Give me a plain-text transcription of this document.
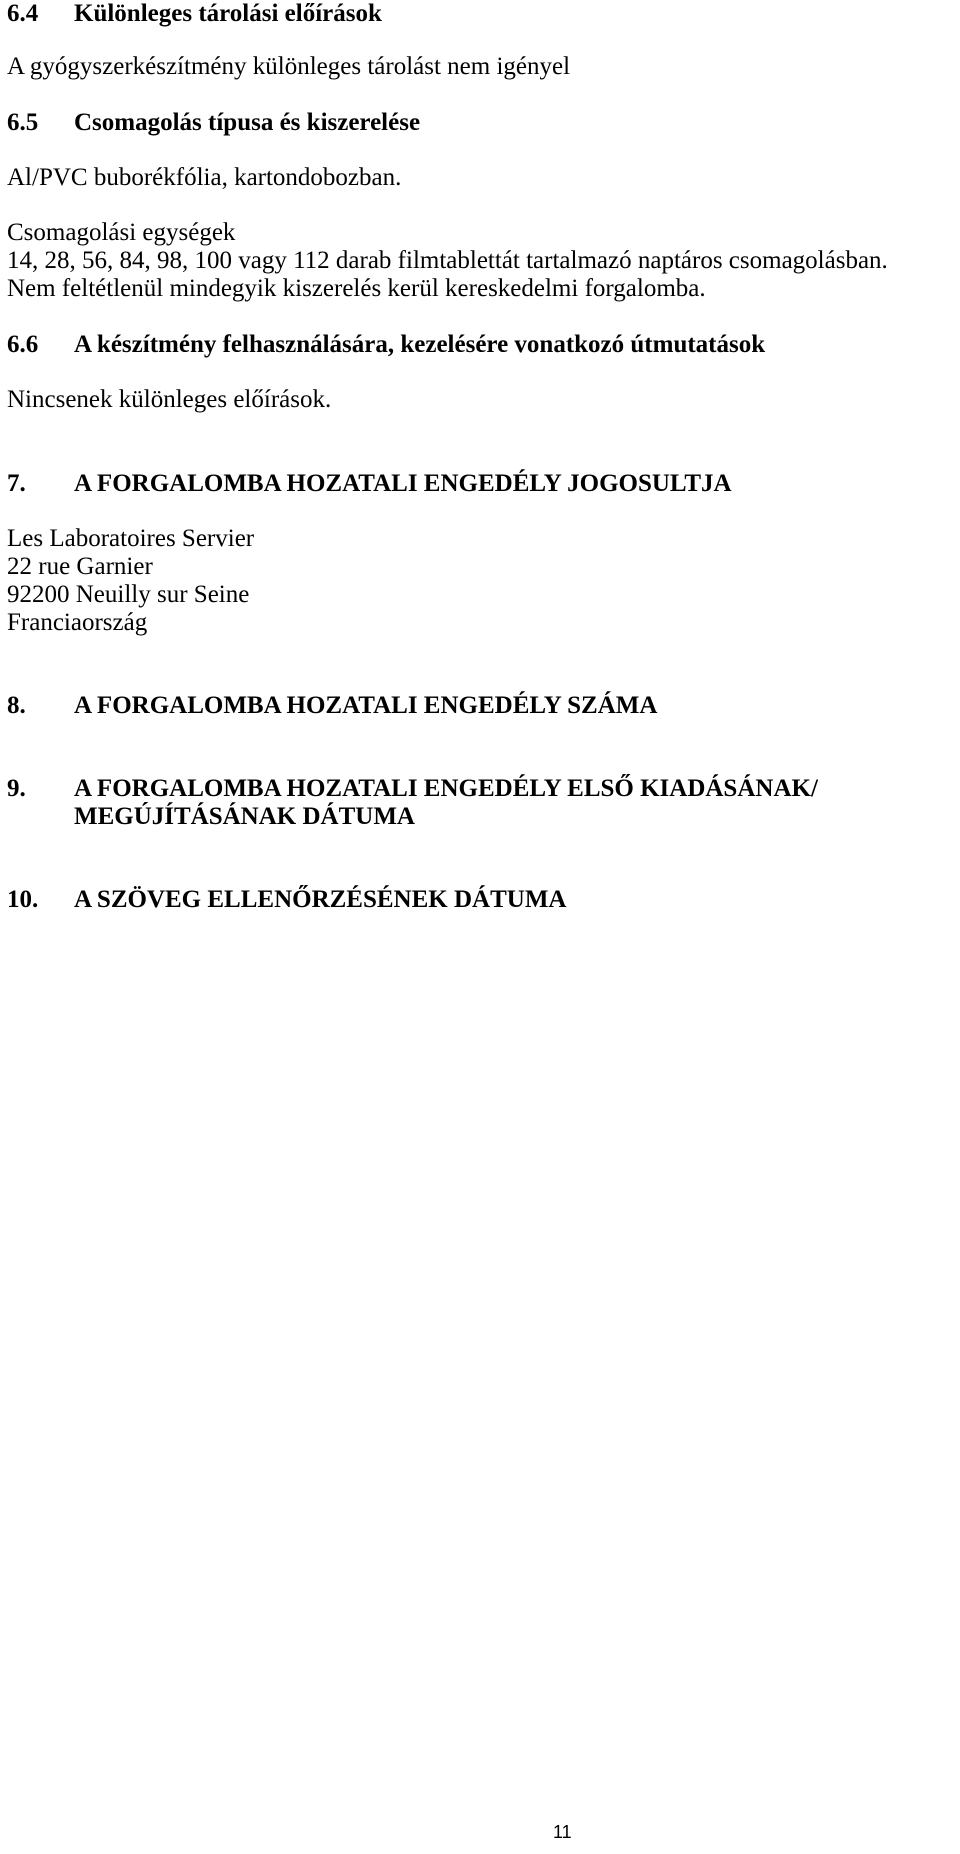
6.4 Különleges tárolási előírások

A gyógyszerkészítmény különleges tárolást nem igényel

6.5 Csomagolás típusa és kiszerelése

Al/PVC buborékfólia, kartondobozban.

Csomagolási egységek

14, 28, 56, 84, 98, 100 vagy 112 darab filmtablettát tartalmazó naptáros csomagolásban.

Nem feltétlenül mindegyik kiszerelés kerül kereskedelmi forgalomba.

6.6 A készítmény felhasználására, kezelésére vonatkozó útmutatások

Nincsenek különleges előírások.

7. A FORGALOMBA HOZATALI ENGEDÉLY JOGOSULTJA

Les Laboratoires Servier

22 rue Garnier

92200 Neuilly sur Seine

Franciaország

8. A FORGALOMBA HOZATALI ENGEDÉLY SZÁMA
9. A FORGALOMBA HOZATALI ENGEDÉLY ELSŐ KIADÁSÁNAK/
MEGÚJÍTÁSÁNAK DÁTUMA
10. A SZÖVEG ELLENŐRZÉSÉNEK DÁTUMA
11
